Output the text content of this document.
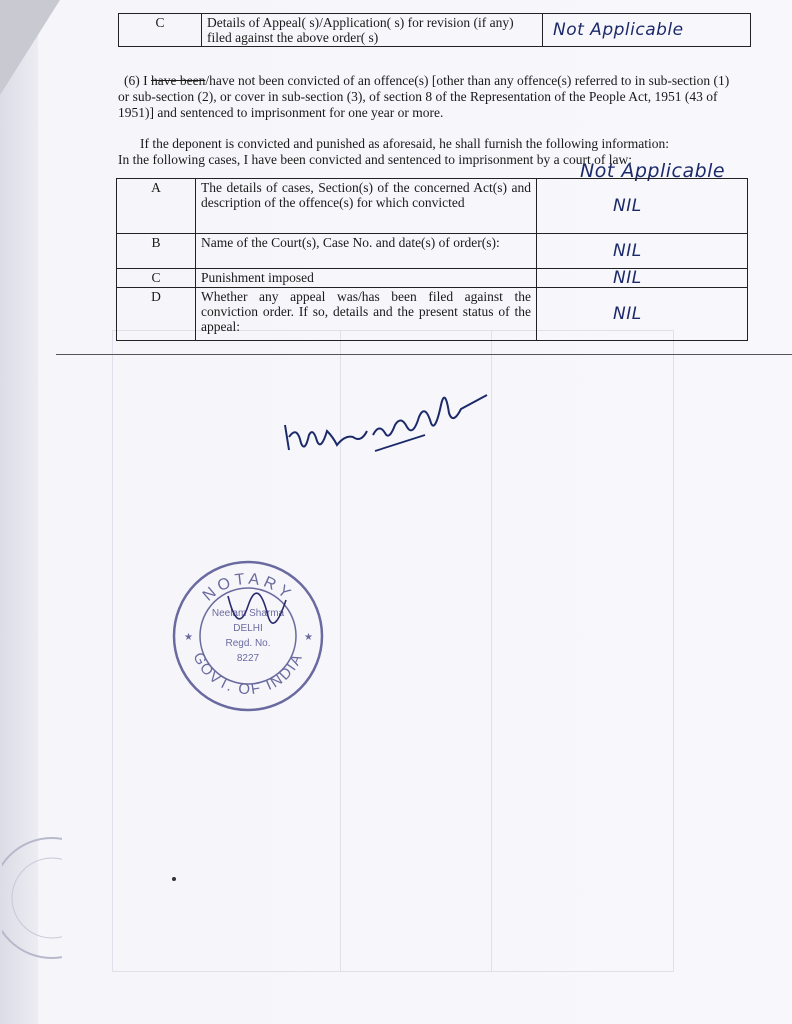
C	Details of Appeal( s)/Application( s) for revision (if any) filed against the above order( s)	Not Applicable
(6) I have been/have not been convicted of an offence(s) [other than any offence(s) referred to in sub-section (1) or sub-section (2), or cover in sub-section (3), of section 8 of the Representation of the People Act, 1951 (43 of 1951)] and sentenced to imprisonment for one year or more.
If the deponent is convicted and punished as aforesaid, he shall furnish the following information:
In the following cases, I have been convicted and sentenced to imprisonment by a court of law:
Not Applicable
A	The details of cases, Section(s) of the concerned Act(s) and description of the offence(s) for which convicted	NIL
B	Name of the Court(s), Case No. and date(s) of order(s):	NIL
C	Punishment imposed	NIL
D	Whether any appeal was/has been filed against the conviction order. If so, details and the present status of the appeal:	NIL
NOTARY
GOVT. OF INDIA
Neelam Sharma
DELHI
Regd. No.
8227
★	★
